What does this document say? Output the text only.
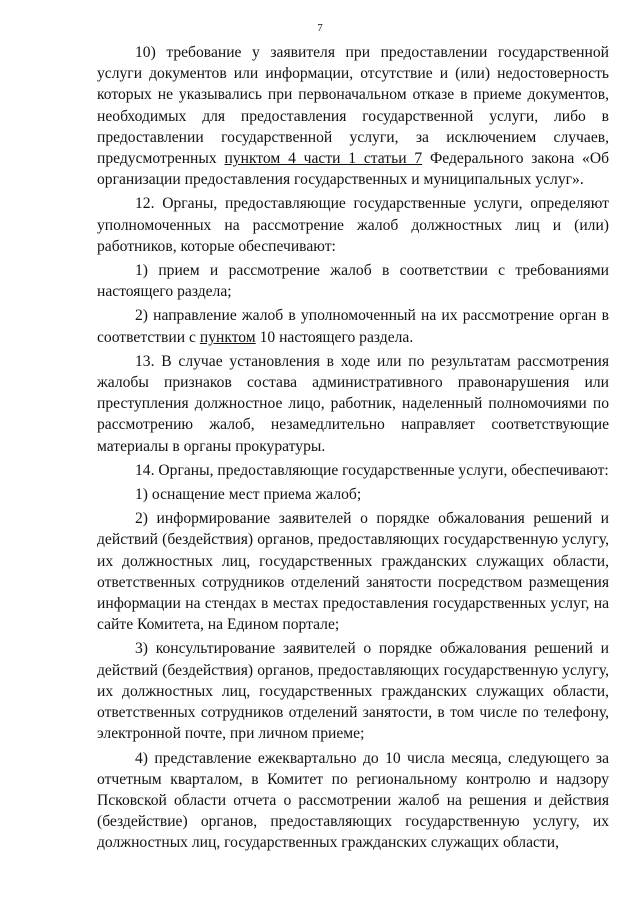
7

10) требование у заявителя при предоставлении государственной услуги документов или информации, отсутствие и (или) недостоверность которых не указывались при первоначальном отказе в приеме документов, необходимых для предоставления государственной услуги, либо в предоставлении государственной услуги, за исключением случаев, предусмотренных пунктом 4 части 1 статьи 7 Федерального закона «Об организации предоставления государственных и муниципальных услуг».

12. Органы, предоставляющие государственные услуги, определяют уполномоченных на рассмотрение жалоб должностных лиц и (или) работников, которые обеспечивают:

1) прием и рассмотрение жалоб в соответствии с требованиями настоящего раздела;

2) направление жалоб в уполномоченный на их рассмотрение орган в соответствии с пунктом 10 настоящего раздела.

13. В случае установления в ходе или по результатам рассмотрения жалобы признаков состава административного правонарушения или преступления должностное лицо, работник, наделенный полномочиями по рассмотрению жалоб, незамедлительно направляет соответствующие материалы в органы прокуратуры.

14. Органы, предоставляющие государственные услуги, обеспечивают:

1) оснащение мест приема жалоб;

2) информирование заявителей о порядке обжалования решений и действий (бездействия) органов, предоставляющих государственную услугу, их должностных лиц, государственных гражданских служащих области, ответственных сотрудников отделений занятости посредством размещения информации на стендах в местах предоставления государственных услуг, на сайте Комитета, на Едином портале;

3) консультирование заявителей о порядке обжалования решений и действий (бездействия) органов, предоставляющих государственную услугу, их должностных лиц, государственных гражданских служащих области, ответственных сотрудников отделений занятости, в том числе по телефону, электронной почте, при личном приеме;

4) представление ежеквартально до 10 числа месяца, следующего за отчетным кварталом, в Комитет по региональному контролю и надзору Псковской области отчета о рассмотрении жалоб на решения и действия (бездействие) органов, предоставляющих государственную услугу, их должностных лиц, государственных гражданских служащих области,
